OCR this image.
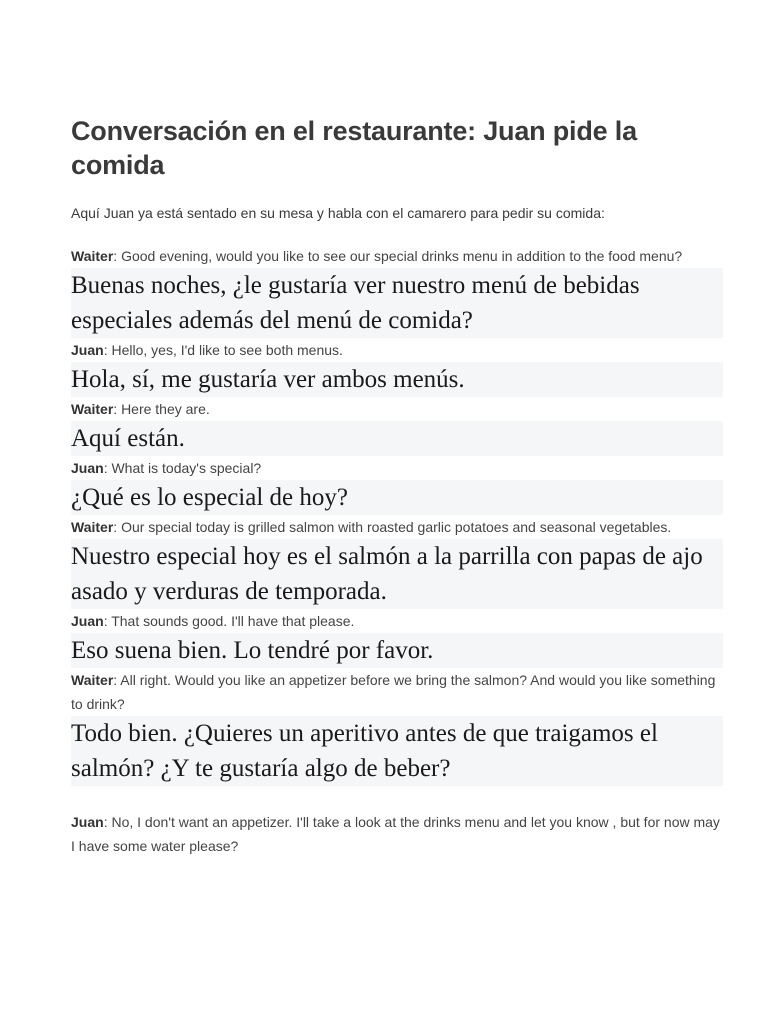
Conversación en el restaurante: Juan pide la comida

Aquí Juan ya está sentado en su mesa y habla con el camarero para pedir su comida:

Waiter: Good evening, would you like to see our special drinks menu in addition to the food menu?

Buenas noches, ¿le gustaría ver nuestro menú de bebidas especiales además del menú de comida?

Juan: Hello, yes, I'd like to see both menus.

Hola, sí, me gustaría ver ambos menús.

Waiter: Here they are.

Aquí están.

Juan: What is today's special?

¿Qué es lo especial de hoy?

Waiter: Our special today is grilled salmon with roasted garlic potatoes and seasonal vegetables.

Nuestro especial hoy es el salmón a la parrilla con papas de ajo asado y verduras de temporada.

Juan: That sounds good. I'll have that please.

Eso suena bien. Lo tendré por favor.

Waiter: All right. Would you like an appetizer before we bring the salmon? And would you like something to drink?

Todo bien. ¿Quieres un aperitivo antes de que traigamos el salmón? ¿Y te gustaría algo de beber?

Juan: No, I don't want an appetizer. I'll take a look at the drinks menu and let you know , but for now may I have some water please?
